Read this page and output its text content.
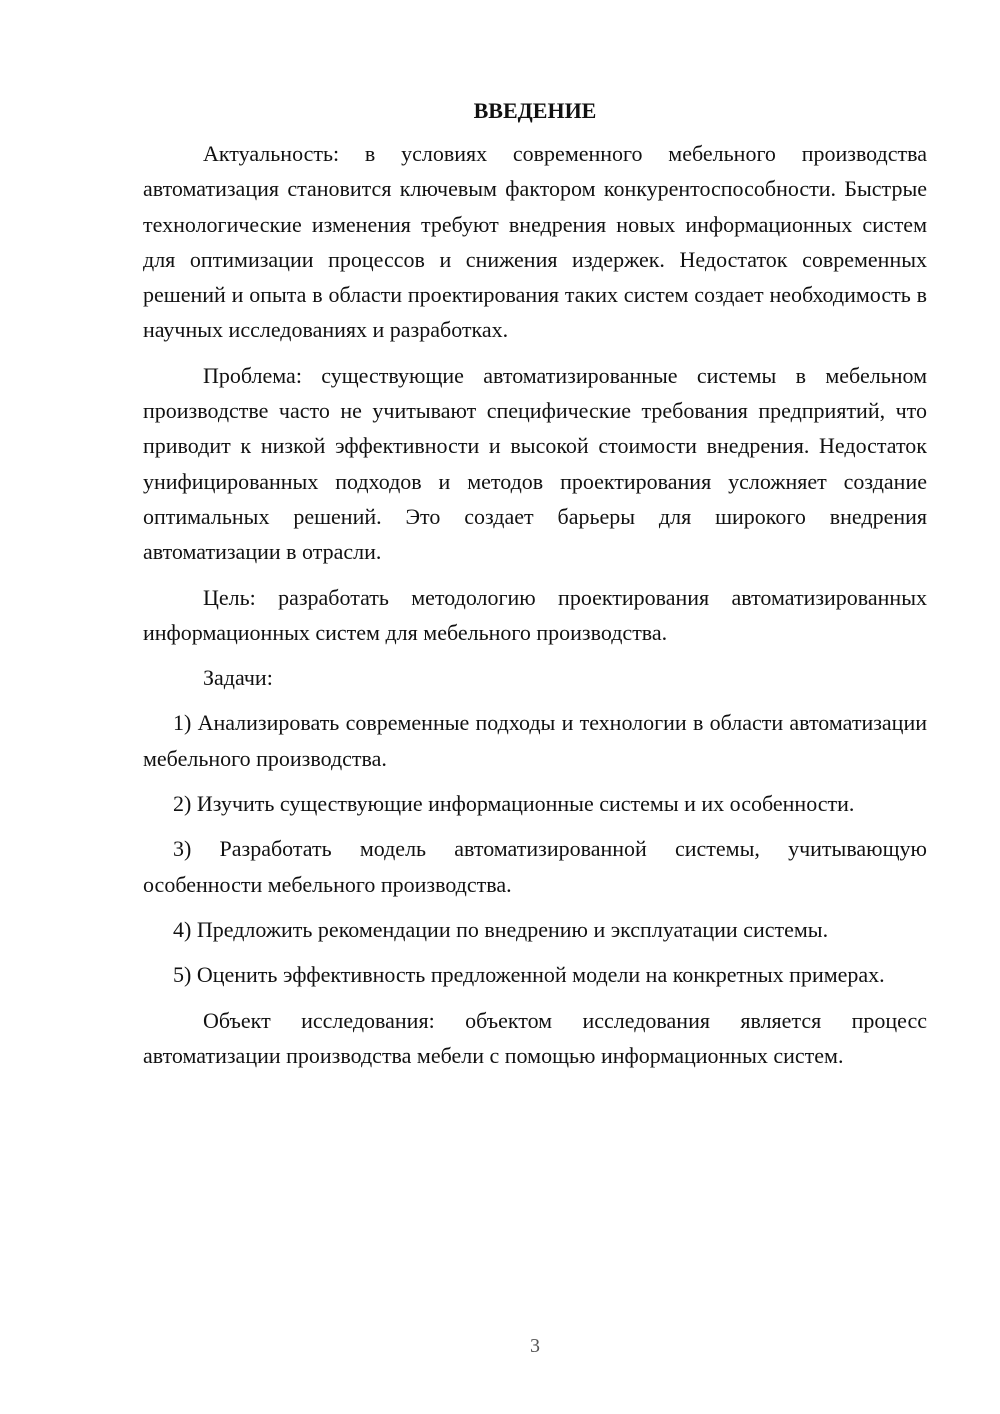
ВВЕДЕНИЕ

Актуальность: в условиях современного мебельного производства автоматизация становится ключевым фактором конкурентоспособности. Быстрые технологические изменения требуют внедрения новых информационных систем для оптимизации процессов и снижения издержек. Недостаток современных решений и опыта в области проектирования таких систем создает необходимость в научных исследованиях и разработках.

Проблема: существующие автоматизированные системы в мебельном производстве часто не учитывают специфические требования предприятий, что приводит к низкой эффективности и высокой стоимости внедрения. Недостаток унифицированных подходов и методов проектирования усложняет создание оптимальных решений. Это создает барьеры для широкого внедрения автоматизации в отрасли.

Цель: разработать методологию проектирования автоматизированных информационных систем для мебельного производства.

Задачи:

1) Анализировать современные подходы и технологии в области автоматизации мебельного производства.

2) Изучить существующие информационные системы и их особенности.

3) Разработать модель автоматизированной системы, учитывающую особенности мебельного производства.

4) Предложить рекомендации по внедрению и эксплуатации системы.

5) Оценить эффективность предложенной модели на конкретных примерах.

Объект исследования: объектом исследования является процесс автоматизации производства мебели с помощью информационных систем.

3
